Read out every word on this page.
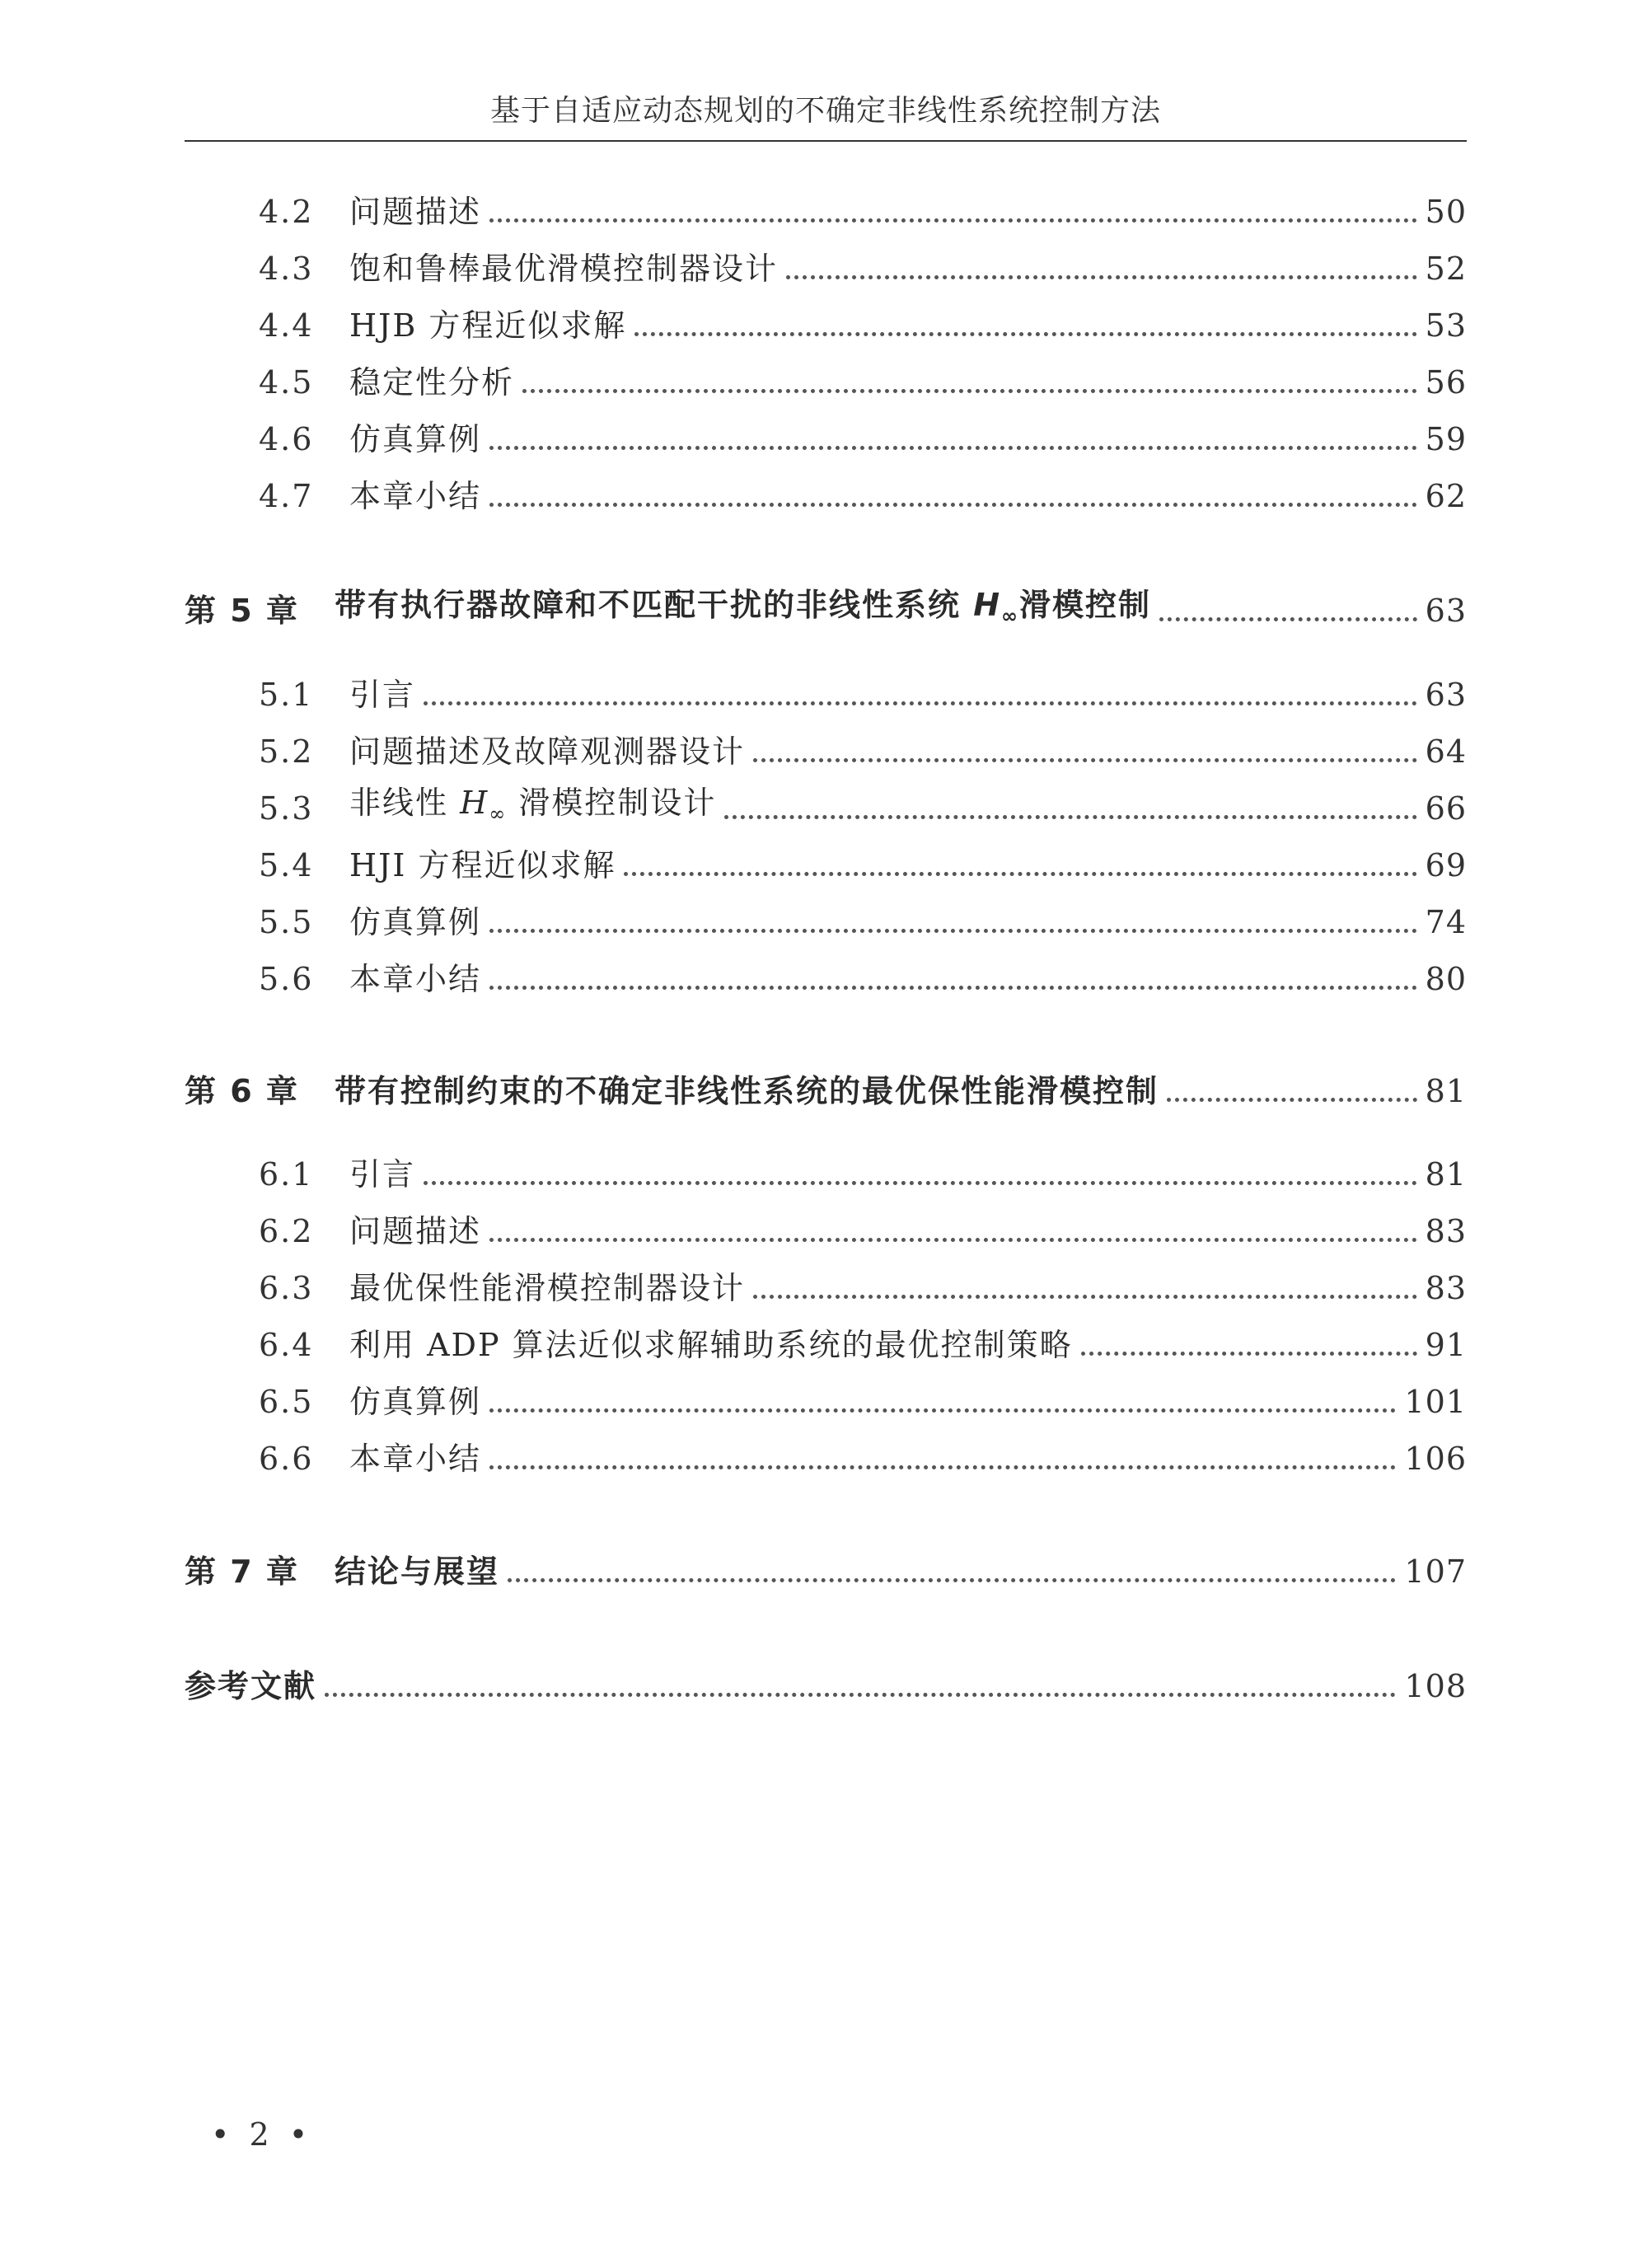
基于自适应动态规划的不确定非线性系统控制方法
4.2	问题描述	50
4.3	饱和鲁棒最优滑模控制器设计	52
4.4	HJB 方程近似求解	53
4.5	稳定性分析	56
4.6	仿真算例	59
4.7	本章小结	62
第 5 章	带有执行器故障和不匹配干扰的非线性系统 $H_\infty$滑模控制	63
5.1	引言	63
5.2	问题描述及故障观测器设计	64
5.3	非线性 $H_\infty$ 滑模控制设计	66
5.4	HJI 方程近似求解	69
5.5	仿真算例	74
5.6	本章小结	80
第 6 章	带有控制约束的不确定非线性系统的最优保性能滑模控制	81
6.1	引言	81
6.2	问题描述	83
6.3	最优保性能滑模控制器设计	83
6.4	利用 ADP 算法近似求解辅助系统的最优控制策略	91
6.5	仿真算例	101
6.6	本章小结	106
第 7 章	结论与展望	107
参考文献	108
• 2 •
